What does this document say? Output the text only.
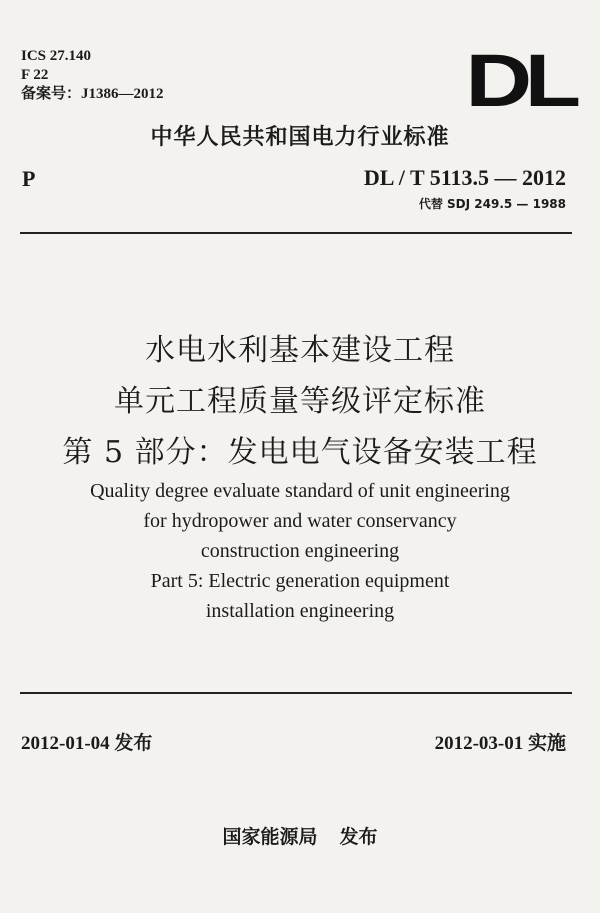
ICS 27.140
F 22
备案号：J1386—2012	DL
中华人民共和国电力行业标准
P	DL / T 5113.5 — 2012
代替 SDJ 249.5 — 1988
水电水利基本建设工程
单元工程质量等级评定标准
第 5 部分：发电电气设备安装工程
Quality degree evaluate standard of unit engineering
for hydropower and water conservancy
construction engineering
Part 5: Electric generation equipment
installation engineering
2012-01-04 发布	2012-03-01 实施
国家能源局 发布
